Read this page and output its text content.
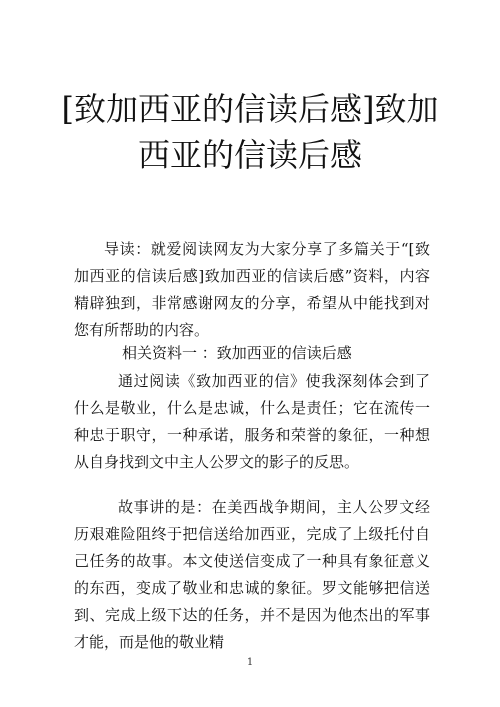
[致加西亚的信读后感]致加西亚的信读后感

导读：就爱阅读网友为大家分享了多篇关于“[致加西亚的信读后感]致加西亚的信读后感”资料，内容精辟独到，非常感谢网友的分享，希望从中能找到对您有所帮助的内容。

相关资料一 ：致加西亚的信读后感

通过阅读《致加西亚的信》使我深刻体会到了什么是敬业，什么是忠诚，什么是责任；它在流传一种忠于职守，一种承诺，服务和荣誉的象征，一种想从自身找到文中主人公罗文的影子的反思。

故事讲的是：在美西战争期间，主人公罗文经历艰难险阻终于把信送给加西亚，完成了上级托付自己任务的故事。本文使送信变成了一种具有象征意义的东西，变成了敬业和忠诚的象征。罗文能够把信送到、完成上级下达的任务，并不是因为他杰出的军事才能，而是他的敬业精

1
